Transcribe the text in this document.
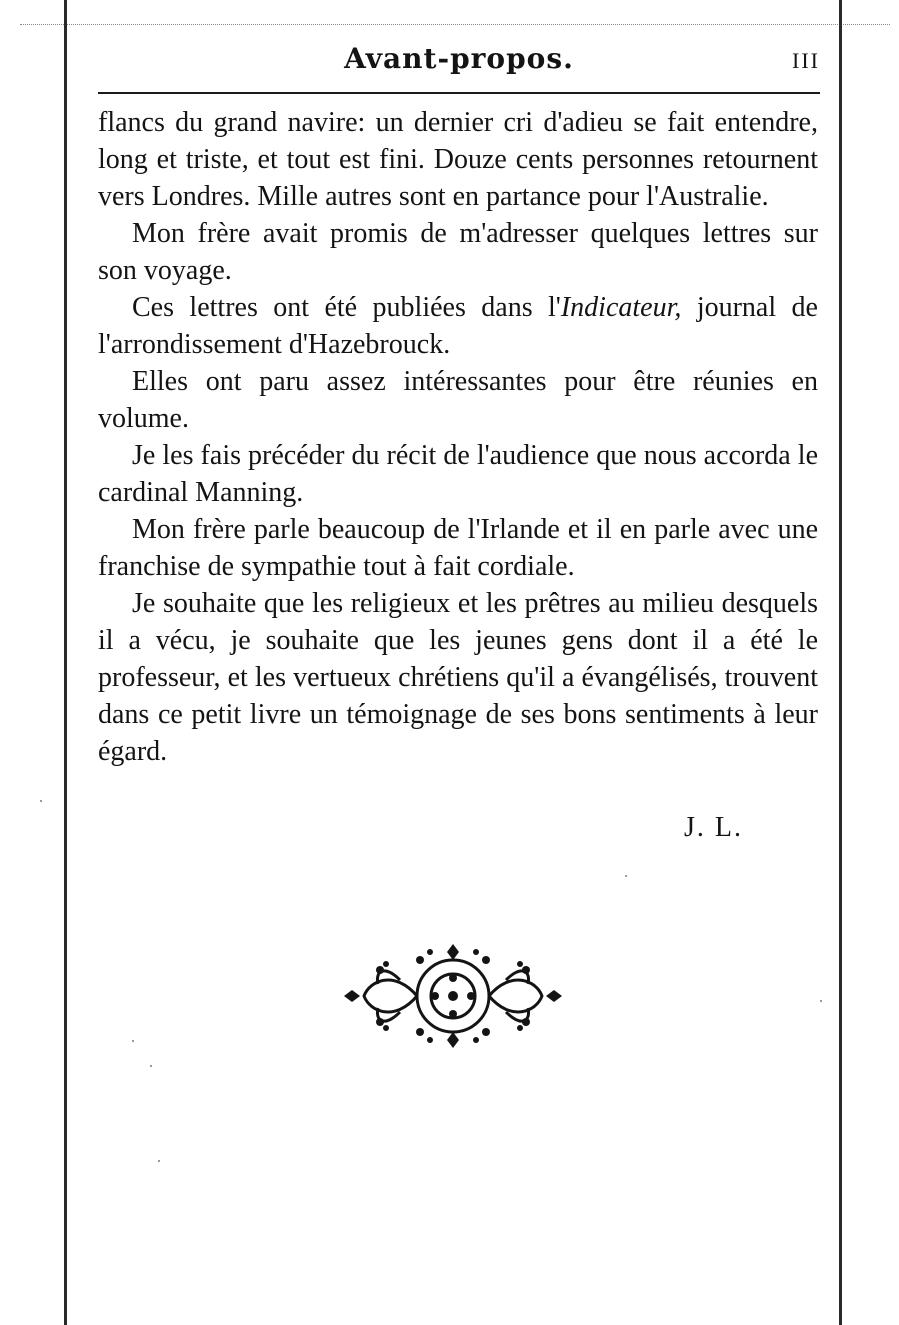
Avant-propos.	III

flancs du grand navire: un dernier cri d'adieu se fait entendre, long et triste, et tout est fini. Douze cents personnes retournent vers Londres. Mille autres sont en partance pour l'Australie.

Mon frère avait promis de m'adresser quelques lettres sur son voyage.

Ces lettres ont été publiées dans l'Indicateur, journal de l'arrondissement d'Hazebrouck.

Elles ont paru assez intéressantes pour être réunies en volume.

Je les fais précéder du récit de l'audience que nous accorda le cardinal Manning.

Mon frère parle beaucoup de l'Irlande et il en parle avec une franchise de sympathie tout à fait cordiale.

Je souhaite que les religieux et les prêtres au milieu desquels il a vécu, je souhaite que les jeunes gens dont il a été le professeur, et les vertueux chrétiens qu'il a évangélisés, trouvent dans ce petit livre un témoignage de ses bons sentiments à leur égard.

J. L.
